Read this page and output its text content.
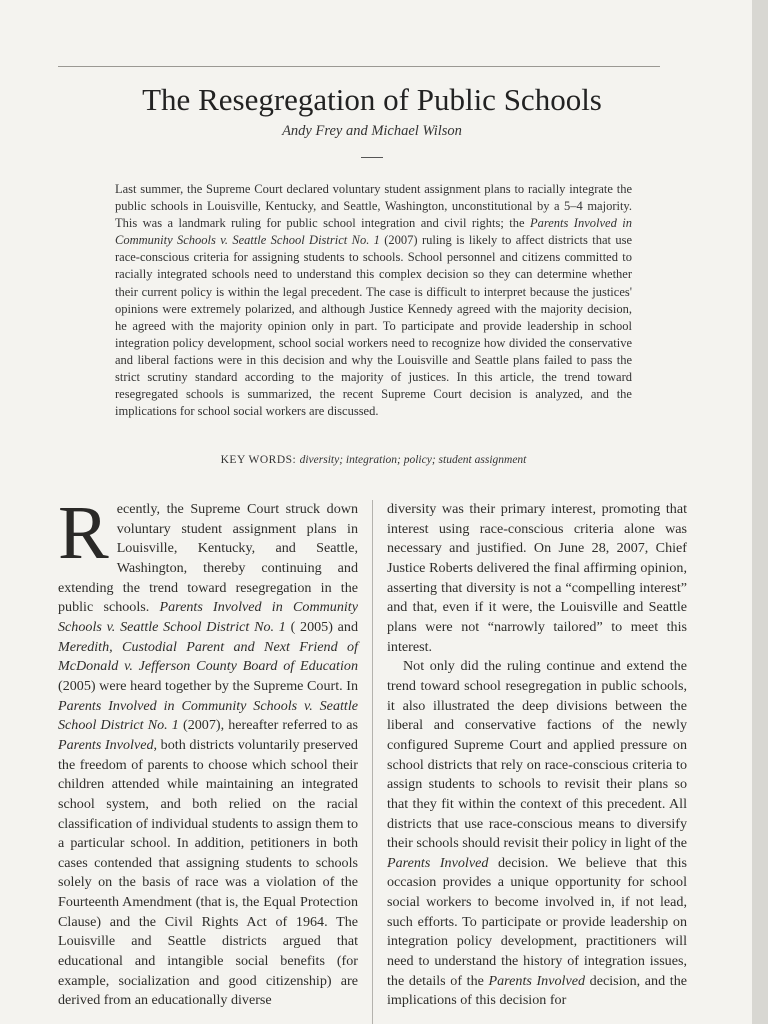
The Resegregation of Public Schools
Andy Frey and Michael Wilson

Last summer, the Supreme Court declared voluntary student assignment plans to racially integrate the public schools in Louisville, Kentucky, and Seattle, Washington, unconstitutional by a 5–4 majority. This was a landmark ruling for public school integration and civil rights; the Parents Involved in Community Schools v. Seattle School District No. 1 (2007) ruling is likely to affect districts that use race-conscious criteria for assigning students to schools. School personnel and citizens committed to racially integrated schools need to understand this complex decision so they can determine whether their current policy is within the legal precedent. The case is difficult to interpret because the justices' opinions were extremely polarized, and although Justice Kennedy agreed with the majority decision, he agreed with the majority opinion only in part. To participate and provide leadership in school integration policy development, school social workers need to recognize how divided the conservative and liberal factions were in this decision and why the Louisville and Seattle plans failed to pass the strict scrutiny standard according to the majority of justices. In this article, the trend toward resegregated schools is summarized, the recent Supreme Court decision is analyzed, and the implications for school social workers are discussed.

KEY WORDS: diversity; integration; policy; student assignment

Recently, the Supreme Court struck down voluntary student assignment plans in Louisville, Kentucky, and Seattle, Washington, thereby continuing and extending the trend toward resegregation in the public schools. Parents Involved in Community Schools v. Seattle School District No. 1 ( 2005) and Meredith, Custodial Parent and Next Friend of McDonald v. Jefferson County Board of Education (2005) were heard together by the Supreme Court. In Parents Involved in Community Schools v. Seattle School District No. 1 (2007), hereafter referred to as Parents Involved, both districts voluntarily preserved the freedom of parents to choose which school their children attended while maintaining an integrated school system, and both relied on the racial classification of individual students to assign them to a particular school. In addition, petitioners in both cases contended that assigning students to schools solely on the basis of race was a violation of the Fourteenth Amendment (that is, the Equal Protection Clause) and the Civil Rights Act of 1964. The Louisville and Seattle districts argued that educational and intangible social benefits (for example, socialization and good citizenship) are derived from an educationally diverse

diversity was their primary interest, promoting that interest using race-conscious criteria alone was necessary and justified. On June 28, 2007, Chief Justice Roberts delivered the final affirming opinion, asserting that diversity is not a “compelling interest” and that, even if it were, the Louisville and Seattle plans were not “narrowly tailored” to meet this interest.

Not only did the ruling continue and extend the trend toward school resegregation in public schools, it also illustrated the deep divisions between the liberal and conservative factions of the newly configured Supreme Court and applied pressure on school districts that rely on race-conscious criteria to assign students to schools to revisit their plans so that they fit within the context of this precedent. All districts that use race-conscious means to diversify their schools should revisit their policy in light of the Parents Involved decision. We believe that this occasion provides a unique opportunity for school social workers to become involved in, if not lead, such efforts. To participate or provide leadership on integration policy development, practitioners will need to understand the history of integration issues, the details of the Parents Involved decision, and the implications of this decision for
